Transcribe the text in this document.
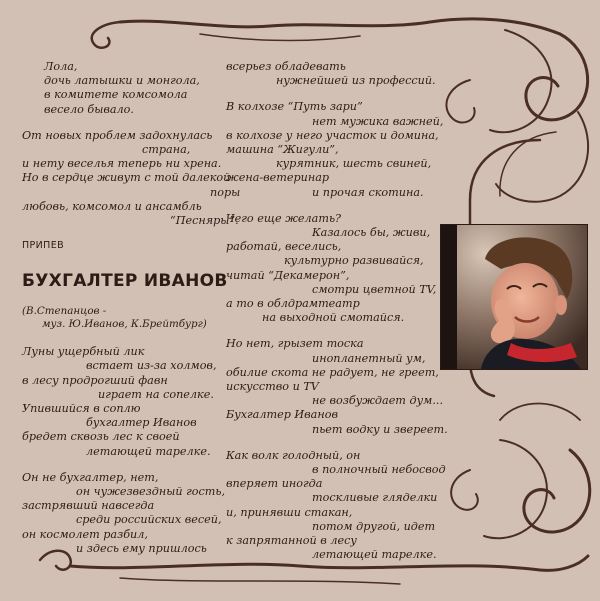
Лола,
дочь латышки и монгола,
в комитете комсомола
весело бывало.
От новых проблем задохнулась
страна,
и нету веселья теперь ни хрена.
Но в сердце живут с той далекой
поры
любовь, комсомол и ансамбль
“Песняры”.
ПРИПЕВ
БУХГАЛТЕР ИВАНОВ
(В.Степанцов -
муз. Ю.Иванов, К.Брейтбург)
Луны ущербный лик
встает из-за холмов,
в лесу продрогший фавн
играет на сопелке.
Упившийся в соплю
бухгалтер Иванов
бредет сквозь лес к своей
летающей тарелке.
Он не бухгалтер, нет,
он чужезвездный гость,
застрявший навсегда
среди российских весей,
он космолет разбил,
и здесь ему пришлось
всерьез обладевать
нужнейшей из профессий.
В колхозе “Путь зари”
нет мужика важней,
в колхозе у него участок и домина,
машина “Жигули”,
курятник, шесть свиней,
жена-ветеринар
и прочая скотина.
Чего еще желать?
Казалось бы, живи,
работай, веселись,
культурно развивайся,
читай “Декамерон”,
смотри цветной TV,
а то в облдрамтеатр
на выходной смотайся.
Но нет, грызет тоска
инопланетный ум,
обилие скота не радует, не греет,
искусство и TV
не возбуждает дум...
Бухгалтер Иванов
пьет водку и звереет.
Как волк голодный, он
в полночный небосвод
вперяет иногда
тоскливые гляделки
и, принявши стакан,
потом другой, идет
к запрятанной в лесу
летающей тарелке.
